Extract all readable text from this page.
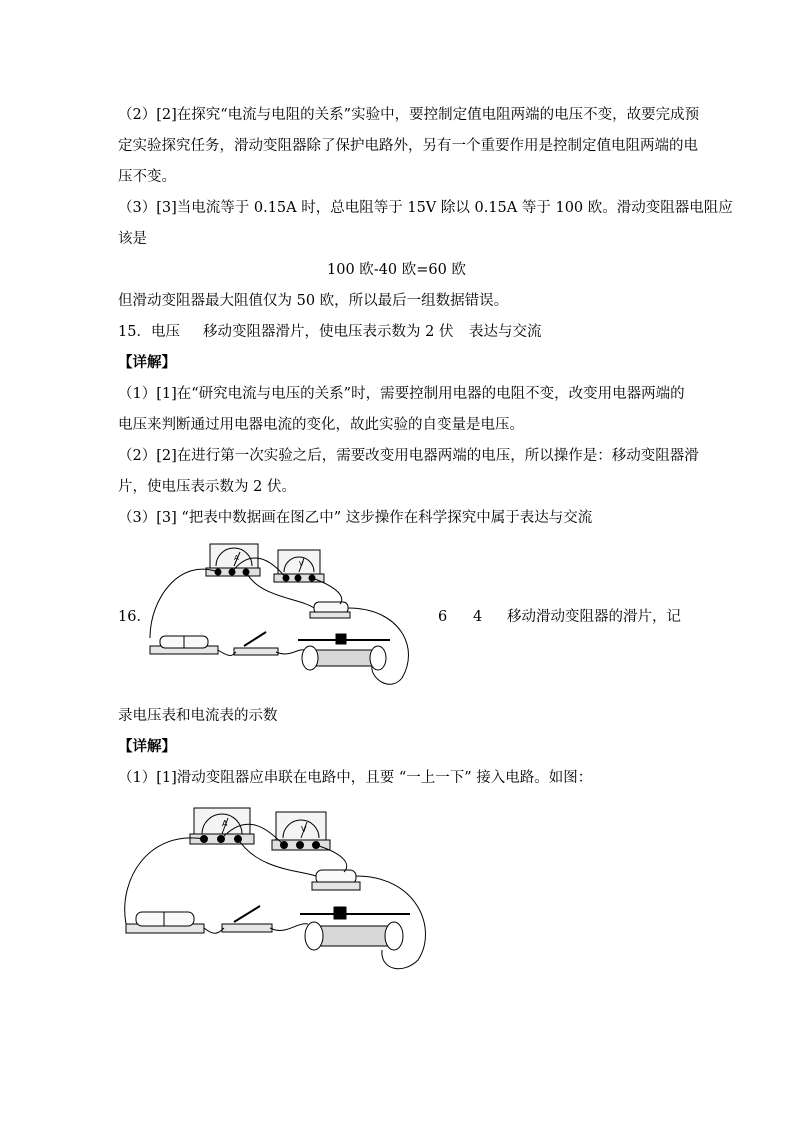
（2）[2]在探究“电流与电阻的关系”实验中，要控制定值电阻两端的电压不变，故要完成预
定实验探究任务，滑动变阻器除了保护电路外，另有一个重要作用是控制定值电阻两端的电
压不变。
（3）[3]当电流等于 0.15A 时，总电阻等于 15V 除以 0.15A 等于 100 欧。滑动变阻器电阻应
该是
100 欧-40 欧=60 欧
但滑动变阻器最大阻值仅为 50 欧，所以最后一组数据错误。
15．电压 移动变阻器滑片，使电压表示数为 2 伏 表达与交流
【详解】
（1）[1]在“研究电流与电压的关系”时，需要控制用电器的电阻不变，改变用电器两端的
电压来判断通过用电器电流的变化，故此实验的自变量是电压。
（2）[2]在进行第一次实验之后，需要改变用电器两端的电压，所以操作是：移动变阻器滑
片，使电压表示数为 2 伏。
（3）[3] “把表中数据画在图乙中” 这步操作在科学探究中属于表达与交流
A
V
16．	6 4 移动滑动变阻器的滑片，记
录电压表和电流表的示数
【详解】
（1）[1]滑动变阻器应串联在电路中，且要 “一上一下” 接入电路。如图：
A
V
